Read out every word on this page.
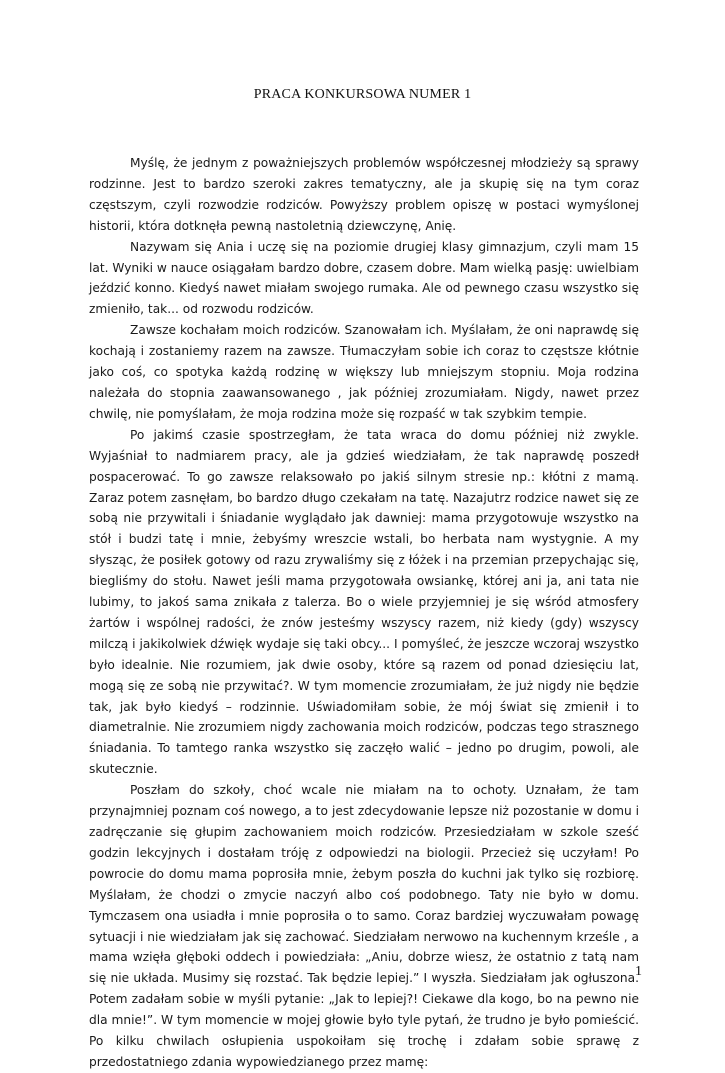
PRACA KONKURSOWA NUMER 1

Myślę, że jednym z poważniejszych problemów współczesnej młodzieży są sprawy rodzinne. Jest to bardzo szeroki zakres tematyczny, ale ja skupię się na tym coraz częstszym, czyli rozwodzie rodziców. Powyższy problem opiszę w postaci wymyślonej historii, która dotknęła pewną nastoletnią dziewczynę, Anię.

Nazywam się Ania i uczę się na poziomie drugiej klasy gimnazjum, czyli mam 15 lat. Wyniki w nauce osiągałam bardzo dobre, czasem dobre. Mam wielką pasję: uwielbiam jeździć konno. Kiedyś nawet miałam swojego rumaka. Ale od pewnego czasu wszystko się zmieniło, tak... od rozwodu rodziców.

Zawsze kochałam moich rodziców. Szanowałam ich. Myślałam, że oni naprawdę się kochają i zostaniemy razem na zawsze. Tłumaczyłam sobie ich coraz to częstsze kłótnie jako coś, co spotyka każdą rodzinę w większy lub mniejszym stopniu. Moja rodzina należała do stopnia zaawansowanego , jak później zrozumiałam. Nigdy, nawet przez chwilę, nie pomyślałam, że moja rodzina może się rozpaść w tak szybkim tempie.

Po jakimś czasie spostrzegłam, że tata wraca do domu później niż zwykle. Wyjaśniał to nadmiarem pracy, ale ja gdzieś wiedziałam, że tak naprawdę poszedł pospacerować. To go zawsze relaksowało po jakiś silnym stresie np.: kłótni z mamą. Zaraz potem zasnęłam, bo bardzo długo czekałam na tatę. Nazajutrz rodzice nawet się ze sobą nie przywitali i śniadanie wyglądało jak dawniej: mama przygotowuje wszystko na stół i budzi tatę i mnie, żebyśmy wreszcie wstali, bo herbata nam wystygnie. A my słysząc, że posiłek gotowy od razu zrywaliśmy się z łóżek i na przemian przepychając się, biegliśmy do stołu. Nawet jeśli mama przygotowała owsiankę, której ani ja, ani tata nie lubimy, to jakoś sama znikała z talerza. Bo o wiele przyjemniej je się wśród atmosfery żartów i wspólnej radości, że znów jesteśmy wszyscy razem, niż kiedy (gdy) wszyscy milczą i jakikolwiek dźwięk wydaje się taki obcy... I pomyśleć, że jeszcze wczoraj wszystko było idealnie. Nie rozumiem, jak dwie osoby, które są razem od ponad dziesięciu lat, mogą się ze sobą nie przywitać?. W tym momencie zrozumiałam, że już nigdy nie będzie tak, jak było kiedyś – rodzinnie. Uświadomiłam sobie, że mój świat się zmienił i to diametralnie. Nie zrozumiem nigdy zachowania moich rodziców, podczas tego strasznego śniadania. To tamtego ranka wszystko się zaczęło walić – jedno po drugim, powoli, ale skutecznie.

Poszłam do szkoły, choć wcale nie miałam na to ochoty. Uznałam, że tam przynajmniej poznam coś nowego, a to jest zdecydowanie lepsze niż pozostanie w domu i zadręczanie się głupim zachowaniem moich rodziców. Przesiedziałam w szkole sześć godzin lekcyjnych i dostałam tróję z odpowiedzi na biologii. Przecież się uczyłam! Po powrocie do domu mama poprosiła mnie, żebym poszła do kuchni jak tylko się rozbiorę. Myślałam, że chodzi o zmycie naczyń albo coś podobnego. Taty nie było w domu. Tymczasem ona usiadła i mnie poprosiła o to samo. Coraz bardziej wyczuwałam powagę sytuacji i nie wiedziałam jak się zachować. Siedziałam nerwowo na kuchennym krześle , a mama wzięła głęboki oddech i powiedziała: „Aniu, dobrze wiesz, że ostatnio z tatą nam się nie układa. Musimy się rozstać. Tak będzie lepiej.” I wyszła. Siedziałam jak ogłuszona. Potem zadałam sobie w myśli pytanie: „Jak to lepiej?! Ciekawe dla kogo, bo na pewno nie dla mnie!”. W tym momencie w mojej głowie było tyle pytań, że trudno je było pomieścić. Po kilku chwilach osłupienia uspokoiłam się trochę i zdałam sobie sprawę z przedostatniego zdania wypowiedzianego przez mamę:

1
